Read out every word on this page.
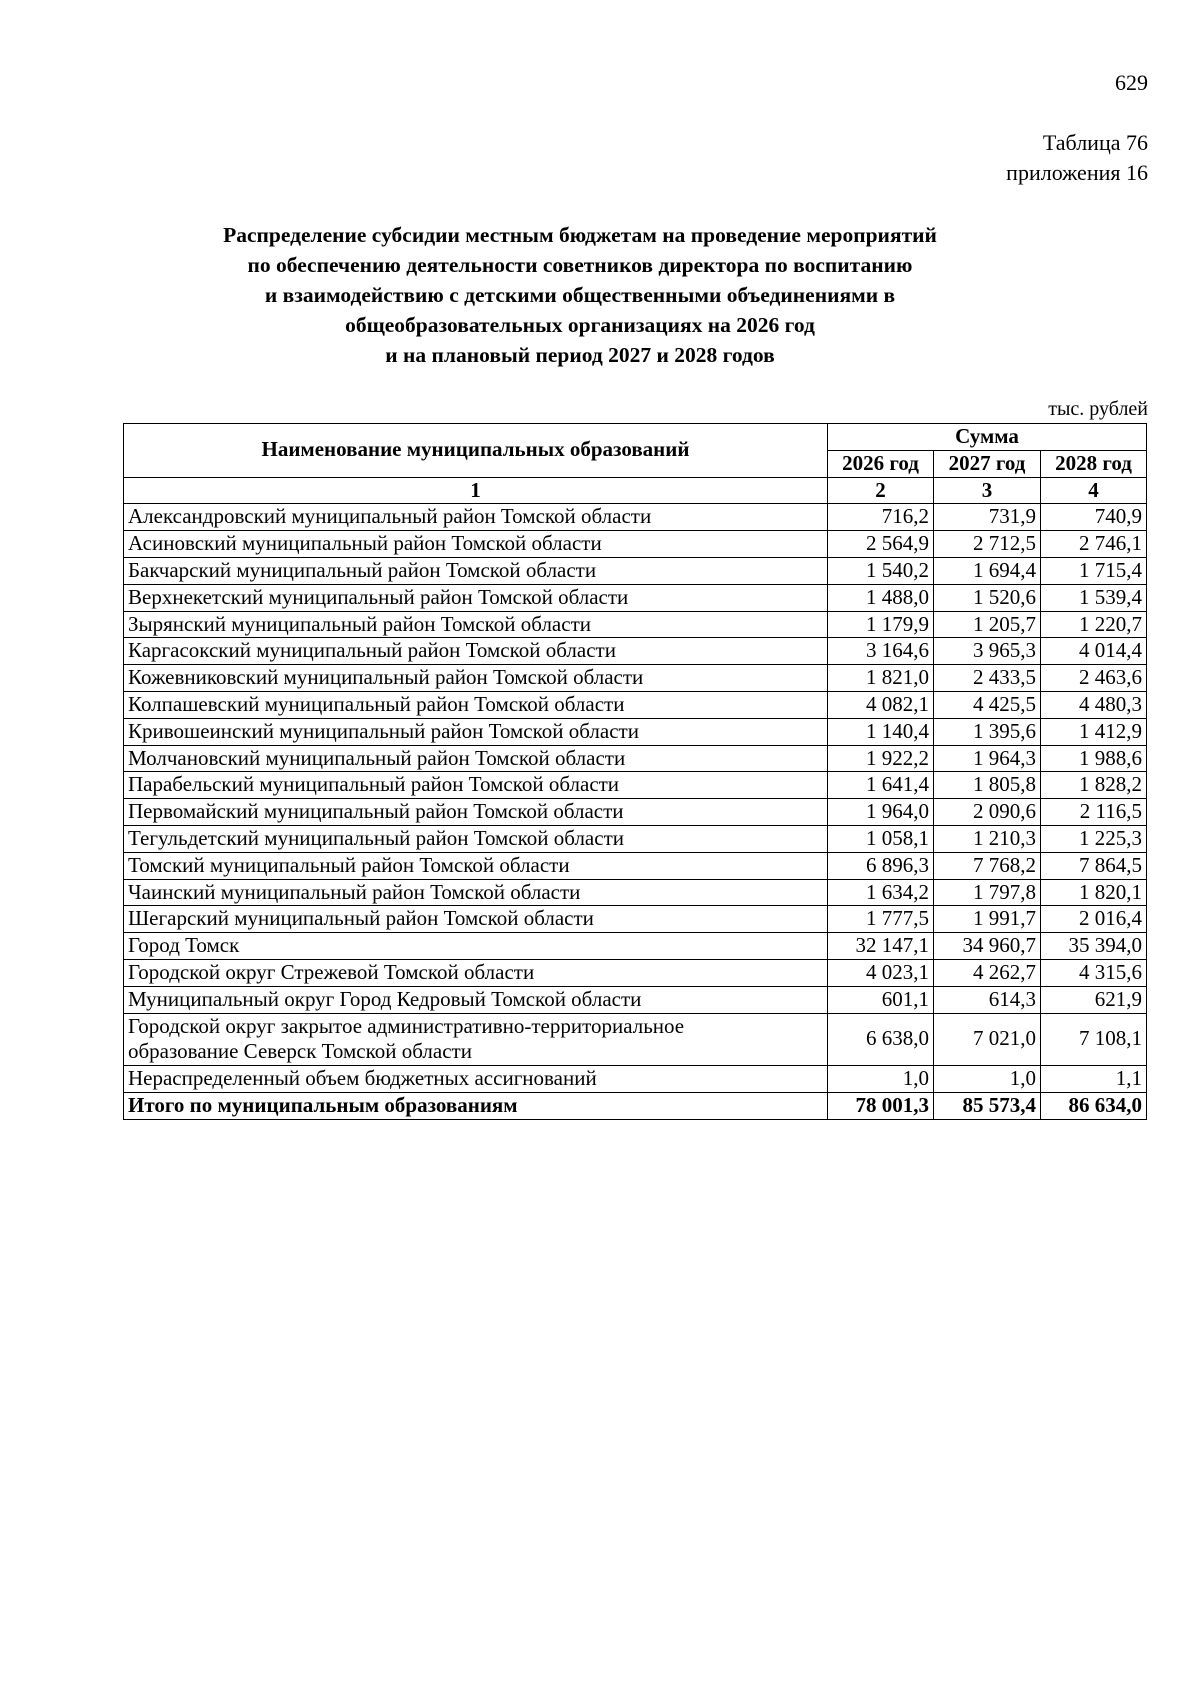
629
Таблица 76
приложения 16
Распределение субсидии местным бюджетам на проведение мероприятий
по обеспечению деятельности советников директора по воспитанию
и взаимодействию с детскими общественными объединениями в
общеобразовательных организациях на 2026 год
и на плановый период 2027 и 2028 годов
тыс. рублей
Наименование муниципальных образований	Сумма		
	2026 год	2027 год	2028 год
1	2	3	4
Александровский муниципальный район Томской области	716,2	731,9	740,9
Асиновский муниципальный район Томской области	2 564,9	2 712,5	2 746,1
Бакчарский муниципальный район Томской области	1 540,2	1 694,4	1 715,4
Верхнекетский муниципальный район Томской области	1 488,0	1 520,6	1 539,4
Зырянский муниципальный район Томской области	1 179,9	1 205,7	1 220,7
Каргасокский муниципальный район Томской области	3 164,6	3 965,3	4 014,4
Кожевниковский муниципальный район Томской области	1 821,0	2 433,5	2 463,6
Колпашевский муниципальный район Томской области	4 082,1	4 425,5	4 480,3
Кривошеинский муниципальный район Томской области	1 140,4	1 395,6	1 412,9
Молчановский муниципальный район Томской области	1 922,2	1 964,3	1 988,6
Парабельский муниципальный район Томской области	1 641,4	1 805,8	1 828,2
Первомайский муниципальный район Томской области	1 964,0	2 090,6	2 116,5
Тегульдетский муниципальный район Томской области	1 058,1	1 210,3	1 225,3
Томский муниципальный район Томской области	6 896,3	7 768,2	7 864,5
Чаинский муниципальный район Томской области	1 634,2	1 797,8	1 820,1
Шегарский муниципальный район Томской области	1 777,5	1 991,7	2 016,4
Город Томск	32 147,1	34 960,7	35 394,0
Городской округ Стрежевой Томской области	4 023,1	4 262,7	4 315,6
Муниципальный округ Город Кедровый Томской области	601,1	614,3	621,9

Городской округ закрытое административно-территориальное
образование Северск Томской области	6 638,0	7 021,0	7 108,1
Нераспределенный объем бюджетных ассигнований	1,0	1,0	1,1
Итого по муниципальным образованиям	78 001,3	85 573,4	86 634,0
